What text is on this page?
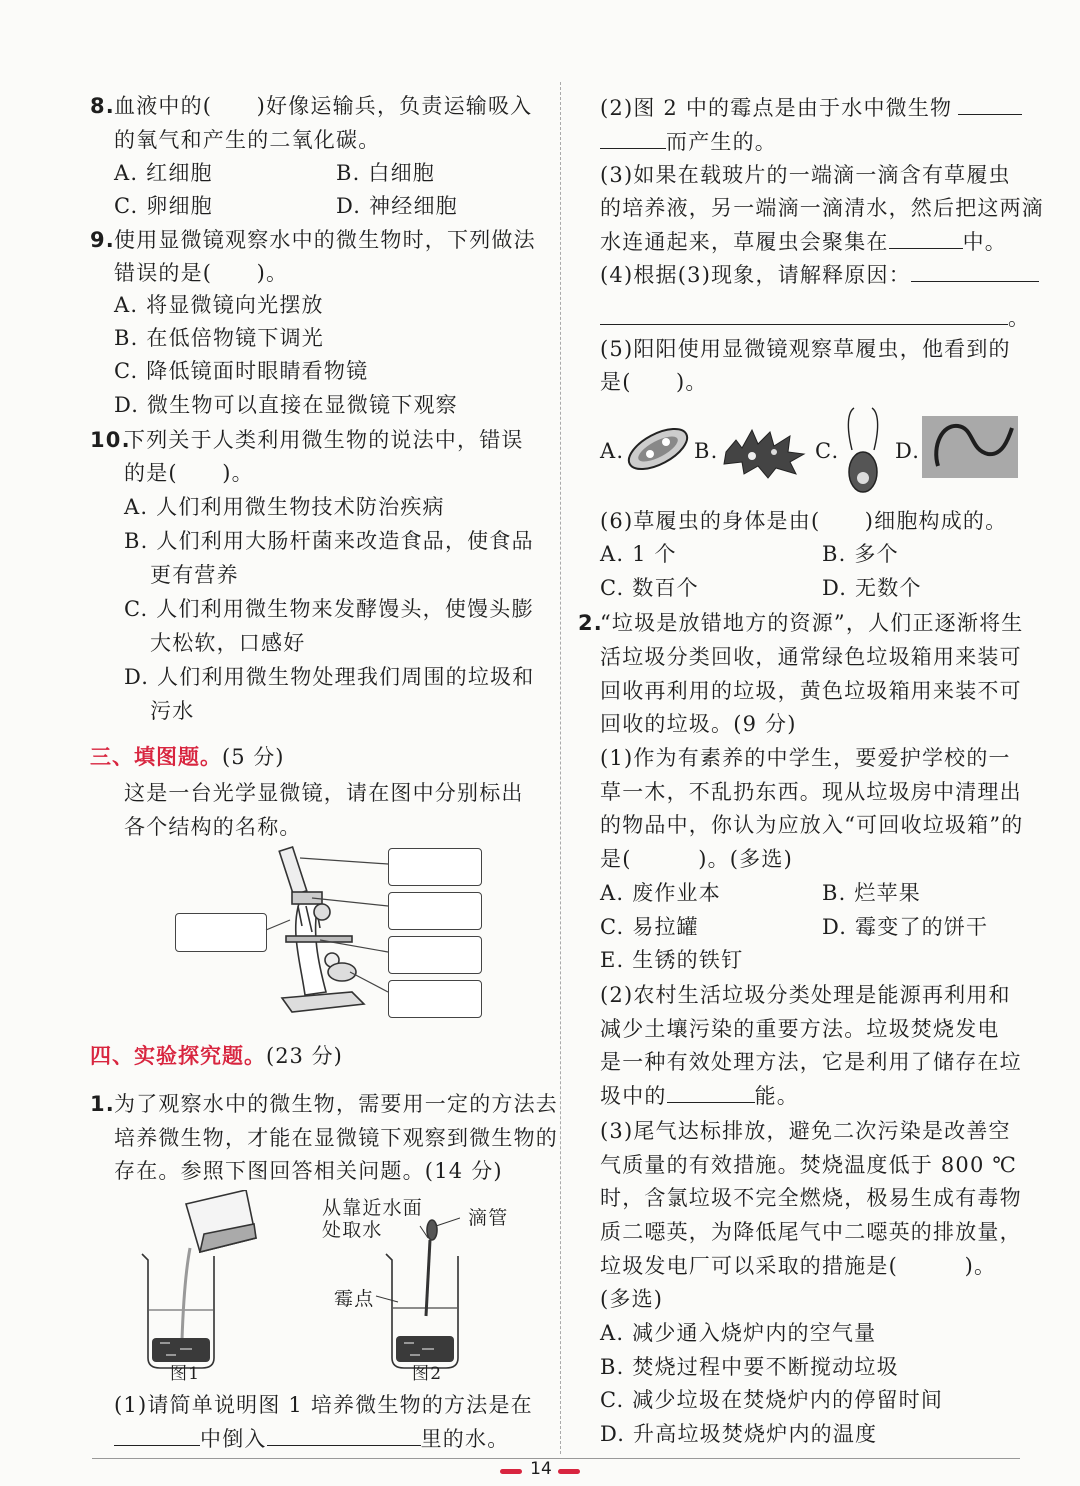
8. 血液中的(　　)好像运输兵，负责运输吸入
的氧气和产生的二氧化碳。
A. 红细胞	B. 白细胞
C. 卵细胞	D. 神经细胞
9. 使用显微镜观察水中的微生物时，下列做法
错误的是(　　)。
A. 将显微镜向光摆放
B. 在低倍物镜下调光
C. 降低镜面时眼睛看物镜
D. 微生物可以直接在显微镜下观察
10.
下列关于人类利用微生物的说法中，错误
的是(　　)。
A. 人们利用微生物技术防治疾病
B. 人们利用大肠杆菌来改造食品，使食品
更有营养
C. 人们利用微生物来发酵馒头，使馒头膨
大松软，口感好
D. 人们利用微生物处理我们周围的垃圾和
污水
三、填图题。(5 分)
这是一台光学显微镜，请在图中分别标出
各个结构的名称。
四、实验探究题。(23 分)
1. 为了观察水中的微生物，需要用一定的方法去
培养微生物，才能在显微镜下观察到微生物的
存在。参照下图回答相关问题。(14 分)
从靠近水面
处取水
滴管
霉点
图1	图2
(1)请简单说明图 1 培养微生物的方法是在
中倒入	里的水。
(2)图 2 中的霉点是由于水中微生物
而产生的。
(3)如果在载玻片的一端滴一滴含有草履虫
的培养液，另一端滴一滴清水，然后把这两滴
水连通起来，草履虫会聚集在	中。
(4)根据(3)现象，请解释原因：
。
(5)阳阳使用显微镜观察草履虫，他看到的
是(　　)。
A.	B.	C.	D.
(6)草履虫的身体是由(　　)细胞构成的。
A. 1 个	B. 多个
C. 数百个	D. 无数个
2.
“垃圾是放错地方的资源”，人们正逐渐将生
活垃圾分类回收，通常绿色垃圾箱用来装可
回收再利用的垃圾，黄色垃圾箱用来装不可
回收的垃圾。(9 分)
(1)作为有素养的中学生，要爱护学校的一
草一木，不乱扔东西。现从垃圾房中清理出
的物品中，你认为应放入“可回收垃圾箱”的
是(　　　)。(多选)
A. 废作业本	B. 烂苹果
C. 易拉罐	D. 霉变了的饼干
E. 生锈的铁钉
(2)农村生活垃圾分类处理是能源再利用和
减少土壤污染的重要方法。垃圾焚烧发电
是一种有效处理方法，它是利用了储存在垃
圾中的	能。
(3)尾气达标排放，避免二次污染是改善空
气质量的有效措施。焚烧温度低于 800 ℃
时，含氯垃圾不完全燃烧，极易生成有毒物
质二噁英，为降低尾气中二噁英的排放量，
垃圾发电厂可以采取的措施是(　　　)。
(多选)
A. 减少通入烧炉内的空气量
B. 焚烧过程中要不断搅动垃圾
C. 减少垃圾在焚烧炉内的停留时间
D. 升高垃圾焚烧炉内的温度
14
